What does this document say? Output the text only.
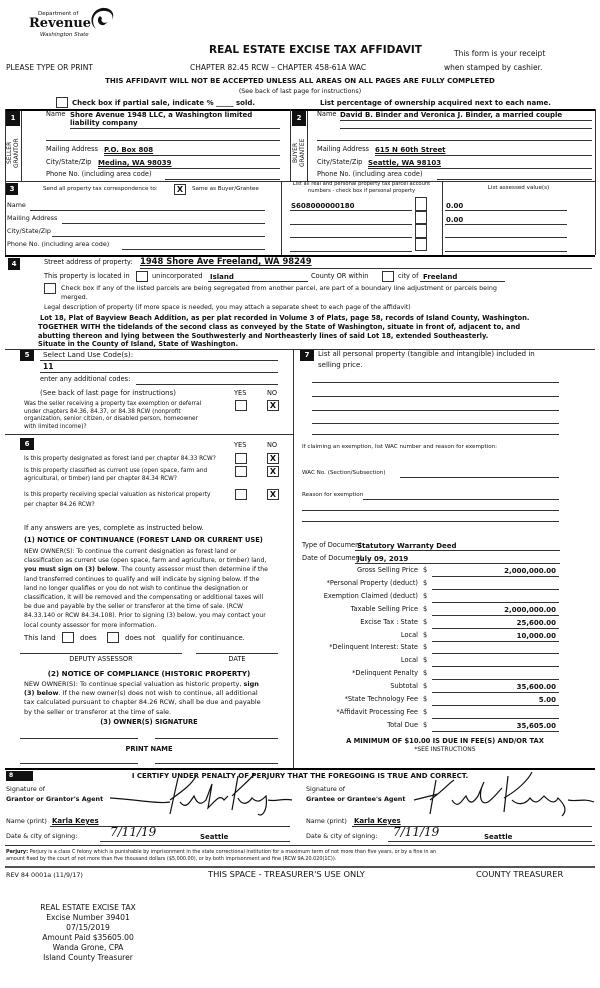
Department of
Revenue
Washington State
REAL ESTATE EXCISE TAX AFFIDAVIT	This form is your receipt
when stamped by cashier.
PLEASE TYPE OR PRINT	CHAPTER 82.45 RCW – CHAPTER 458-61A WAC
THIS AFFIDAVIT WILL NOT BE ACCEPTED UNLESS ALL AREAS ON ALL PAGES ARE FULLY COMPLETED
(See back of last page for instructions)
Check box if partial sale, indicate % _____ sold.	List percentage of ownership acquired next to each name.
1
SELLER GRANTOR
Name Shore Avenue 1948 LLC, a Washington limited
liability company
Mailing Address P.O. Box 808
City/State/Zip Medina, WA 98039
Phone No. (including area code)
2
BUYER GRANTEE
Name David B. Binder and Veronica J. Binder, a married couple
Mailing Address 615 N 60th Street
City/State/Zip Seattle, WA 98103
Phone No. (including area code)
3	Send all property tax correspondence to:	X	Same as Buyer/Grantee
Name
Mailing Address
City/State/Zip
Phone No. (including area code)
List all real and personal property tax parcel account
numbers - check box if personal property	List assessed value(s)
S608000000180	0.00
0.00
4	Street address of property: 1948 Shore Ave Freeland, WA 98249
This property is located in	unincorporated Island	County OR within	city of Freeland
Check box if any of the listed parcels are being segregated from another parcel, are part of a boundary line adjustment or parcels being
merged.
Legal description of property (if more space is needed, you may attach a separate sheet to each page of the affidavit)
Lot 18, Plat of Bayview Beach Addition, as per plat recorded in Volume 3 of Plats, page 58, records of Island County, Washington.
TOGETHER WITH the tidelands of the second class as conveyed by the State of Washington, situate in front of, adjacent to, and
abutting thereon and lying between the Southwesterly and Northeasterly lines of said Lot 18, extended Southeasterly.
Situate in the County of Island, State of Washington.
5	Select Land Use Code(s):
11
enter any additional codes:
(See back of last page for instructions)	YES	NO
Was the seller receiving a property tax exemption or deferral
under chapters 84.36, 84.37, or 84.38 RCW (nonprofit
organization, senior citizen, or disabled person, homeowner
with limited income)?
X
6	YES	NO
Is this property designated as forest land per chapter 84.33 RCW?	X
Is this property classified as current use (open space, farm and
agricultural, or timber) land per chapter 84.34 RCW?
X
Is this property receiving special valuation as historical property
per chapter 84.26 RCW?
X
If any answers are yes, complete as instructed below.
(1) NOTICE OF CONTINUANCE (FOREST LAND OR CURRENT USE)
NEW OWNER(S): To continue the current designation as forest land or
classification as current use (open space, farm and agriculture, or timber) land,
you must sign on (3) below. The county assessor must then determine if the
land transferred continues to qualify and will indicate by signing below. If the
land no longer qualifies or you do not wish to continue the designation or
classification, it will be removed and the compensating or additional taxes will
be due and payable by the seller or transferor at the time of sale. (RCW
84.33.140 or RCW 84.34.108). Prior to signing (3) below, you may contact your
local county assessor for more information.
This land	does	does not qualify for continuance.
DEPUTY ASSESSOR	DATE
(2) NOTICE OF COMPLIANCE (HISTORIC PROPERTY)
NEW OWNER(S): To continue special valuation as historic property, sign
(3) below. If the new owner(s) does not wish to continue, all additional
tax calculated pursuant to chapter 84.26 RCW, shall be due and payable
by the seller or transferor at the time of sale.
(3) OWNER(S) SIGNATURE
PRINT NAME
7	List all personal property (tangible and intangible) included in
selling price.
If claiming an exemption, list WAC number and reason for exemption:
WAC No. (Section/Subsection)
Reason for exemption
Type of Document
Statutory Warranty Deed
Date of Document
July 09, 2019
Gross Selling Price $	2,000,000.00
*Personal Property (deduct) $
Exemption Claimed (deduct) $
Taxable Selling Price $	2,000,000.00
Excise Tax : State $	25,600.00
Local $	10,000.00
*Delinquent Interest: State $
Local $
*Delinquent Penalty $
Subtotal $	35,600.00
*State Technology Fee $	5.00
*Affidavit Processing Fee $
Total Due $	35,605.00
A MINIMUM OF $10.00 IS DUE IN FEE(S) AND/OR TAX
*SEE INSTRUCTIONS
8	I CERTIFY UNDER PENALTY OF PERJURY THAT THE FOREGOING IS TRUE AND CORRECT.
Signature of
Grantor or Grantor's Agent
Signature of
Grantee or Grantee's Agent
Name (print) Karla Keyes	Name (print) Karla Keyes
Date & city of signing:	7/11/19	Seattle	Date & city of signing: 7/11/19	Seattle
Perjury: Perjury is a class C felony which is punishable by imprisonment in the state correctional institution for a maximum term of not more than five years, or by a fine in an
amount fixed by the court of not more than five thousand dollars ($5,000.00), or by both imprisonment and fine (RCW 9A.20.020(1C)).
REV 84 0001a (11/9/17)	THIS SPACE - TREASURER'S USE ONLY	COUNTY TREASURER
REAL ESTATE EXCISE TAX
Excise Number 39401
07/15/2019
Amount Paid $35605.00
Wanda Grone, CPA
Island County Treasurer
